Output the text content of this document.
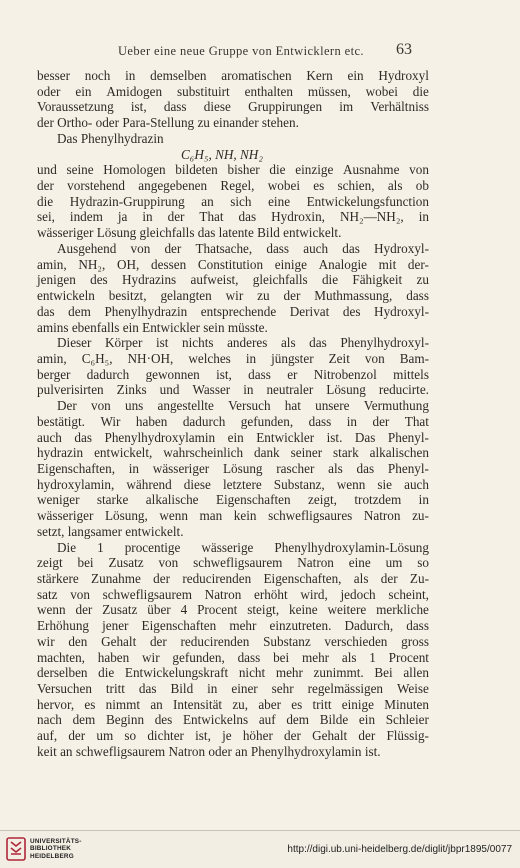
Ueber eine neue Gruppe von Entwicklern etc. 63
besser noch in demselben aromatischen Kern ein Hydroxyl
oder ein Amidogen substituirt enthalten müssen, wobei die
Voraussetzung ist, dass diese Gruppirungen im Verhältniss
der Ortho- oder Para-Stellung zu einander stehen.
Das Phenylhydrazin
C₆H₅, NH, NH₂
und seine Homologen bildeten bisher die einzige Ausnahme von
der vorstehend angegebenen Regel, wobei es schien, als ob
die Hydrazin-Gruppirung an sich eine Entwickelungsfunction
sei, indem ja in der That das Hydroxin, NH₂—NH₂, in
wässeriger Lösung gleichfalls das latente Bild entwickelt.
Ausgehend von der Thatsache, dass auch das Hydroxyl-
amin, NH₂, OH, dessen Constitution einige Analogie mit der-
jenigen des Hydrazins aufweist, gleichfalls die Fähigkeit zu
entwickeln besitzt, gelangten wir zu der Muthmassung, dass
das dem Phenylhydrazin entsprechende Derivat des Hydroxyl-
amins ebenfalls ein Entwickler sein müsste.
Dieser Körper ist nichts anderes als das Phenylhydroxyl-
amin, C₆H₅, NH·OH, welches in jüngster Zeit von Bam-
berger dadurch gewonnen ist, dass er Nitrobenzol mittels
pulverisirten Zinks und Wasser in neutraler Lösung reducirte.
Der von uns angestellte Versuch hat unsere Vermuthung
bestätigt. Wir haben dadurch gefunden, dass in der That
auch das Phenylhydroxylamin ein Entwickler ist. Das Phenyl-
hydrazin entwickelt, wahrscheinlich dank seiner stark alkalischen
Eigenschaften, in wässeriger Lösung rascher als das Phenyl-
hydroxylamin, während diese letztere Substanz, wenn sie auch
weniger starke alkalische Eigenschaften zeigt, trotzdem in
wässeriger Lösung, wenn man kein schwefligsaures Natron zu-
setzt, langsamer entwickelt.
Die 1 procentige wässerige Phenylhydroxylamin-Lösung
zeigt bei Zusatz von schwefligsaurem Natron eine um so
stärkere Zunahme der reducirenden Eigenschaften, als der Zu-
satz von schwefligsaurem Natron erhöht wird, jedoch scheint,
wenn der Zusatz über 4 Procent steigt, keine weitere merkliche
Erhöhung jener Eigenschaften mehr einzutreten. Dadurch, dass
wir den Gehalt der reducirenden Substanz verschieden gross
machten, haben wir gefunden, dass bei mehr als 1 Procent
derselben die Entwickelungskraft nicht mehr zunimmt. Bei allen
Versuchen tritt das Bild in einer sehr regelmässigen Weise
hervor, es nimmt an Intensität zu, aber es tritt einige Minuten
nach dem Beginn des Entwickelns auf dem Bilde ein Schleier
auf, der um so dichter ist, je höher der Gehalt der Flüssig-
keit an schwefligsaurem Natron oder an Phenylhydroxylamin ist.
UNIVERSITÄTS-
BIBLIOTHEK
HEIDELBERG
http://digi.ub.uni-heidelberg.de/diglit/jbpr1895/0077
